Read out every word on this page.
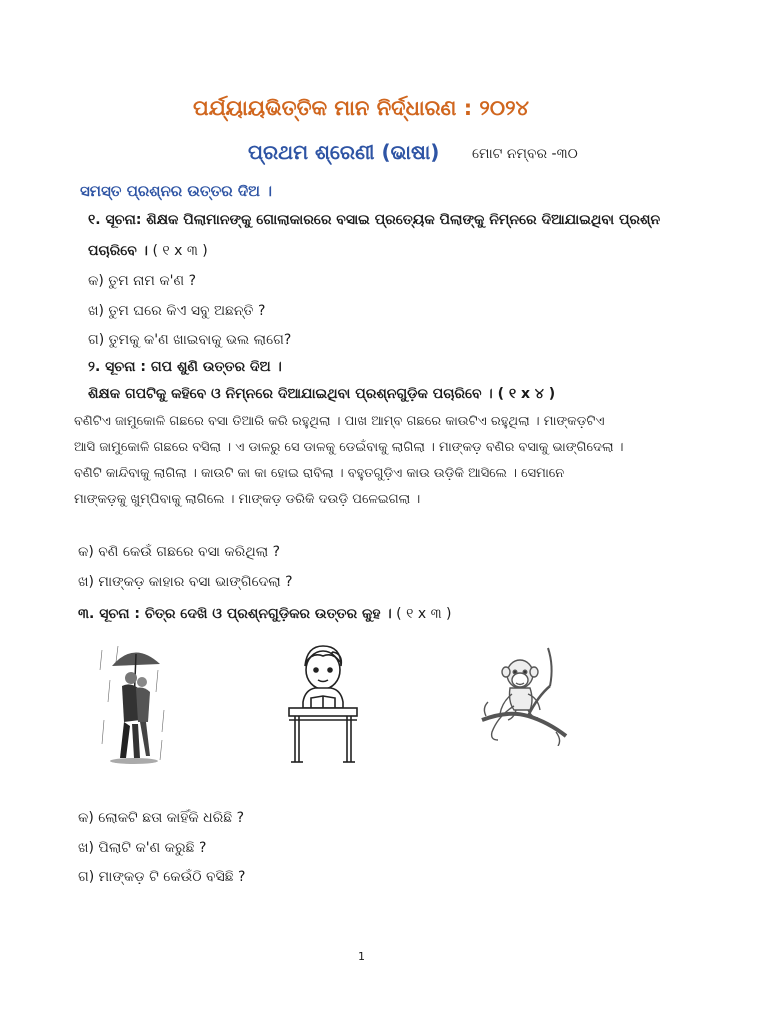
ପର୍ଯ୍ୟାୟଭିତ୍ତିକ ମାନ ନିର୍ଦ୍ଧାରଣ : ୨୦୨୪
ପ୍ରଥମ ଶ୍ରେଣୀ (ଭାଷା) ମୋଟ ନମ୍ବର -୩୦
ସମସ୍ତ ପ୍ରଶ୍ନର ଉତ୍ତର ଦିଅ ।
୧. ସୂଚନା: ଶିକ୍ଷକ ପିଲାମାନଙ୍କୁ ଗୋଲାକାରରେ ବସାଇ ପ୍ରତ୍ୟେକ ପିଲାଙ୍କୁ ନିମ୍ନରେ ଦିଆଯାଇଥିବା ପ୍ରଶ୍ନ
ପଚାରିବେ । ( ୧ x ୩ )
କ) ତୁମ ନାମ କ'ଣ ?
ଖ) ତୁମ ଘରେ କିଏ ସବୁ ଅଛନ୍ତି ?
ଗ) ତୁମକୁ କ'ଣ ଖାଇବାକୁ ଭଲ ଲାଗେ?
୨. ସୂଚନା : ଗପ ଶୁଣି ଉତ୍ତର ଦିଅ ।
ଶିକ୍ଷକ ଗପଟିକୁ କହିବେ ଓ ନିମ୍ନରେ ଦିଆଯାଇଥିବା ପ୍ରଶ୍ନଗୁଡ଼ିକ ପଚାରିବେ । ( ୧ x ୪ )
ବଣିଟିଏ ଜାମୁକୋଳି ଗଛରେ ବସା ତିଆରି କରି ରହୁଥିଲା । ପାଖ ଆମ୍ବ ଗଛରେ କାଉଟିଏ ରହୁଥିଲା । ମାଙ୍କଡ଼ଟିଏ
ଆସି ଜାମୁକୋଳି ଗଛରେ ବସିଲା । ଏ ଡାଳରୁ ସେ ଡାଳକୁ ଡେଇଁବାକୁ ଲାଗିଲା । ମାଙ୍କଡ଼ ବଣିର ବସାକୁ ଭାଙ୍ଗିଦେଲା ।
ବଣିଟି କାନ୍ଦିବାକୁ ଲାଗିଲା । କାଉଟି କା କା ହୋଇ ରାବିଲା । ବହୁତଗୁଡ଼ିଏ କାଉ ଉଡ଼ିକି ଆସିଲେ । ସେମାନେ
ମାଙ୍କଡ଼କୁ ଖୁମ୍ପିବାକୁ ଲାଗିଲେ । ମାଙ୍କଡ଼ ଡରିକି ଦଉଡ଼ି ପଳେଇଗଲା ।
କ) ବଣି କେଉଁ ଗଛରେ ବସା କରିଥିଲା ?
ଖ) ମାଙ୍କଡ଼ କାହାର ବସା ଭାଙ୍ଗିଦେଲା ?
୩. ସୂଚନା : ଚିତ୍ର ଦେଖି ଓ ପ୍ରଶ୍ନଗୁଡ଼ିକର ଉତ୍ତର କୁହ । ( ୧ x ୩ )
କ) ଲୋକଟି ଛତା କାହିଁକି ଧରିଛି ?
ଖ) ପିଲାଟି କ'ଣ କରୁଛି ?
ଗ) ମାଙ୍କଡ଼ ଟି କେଉଁଠି ବସିଛି ?
1
